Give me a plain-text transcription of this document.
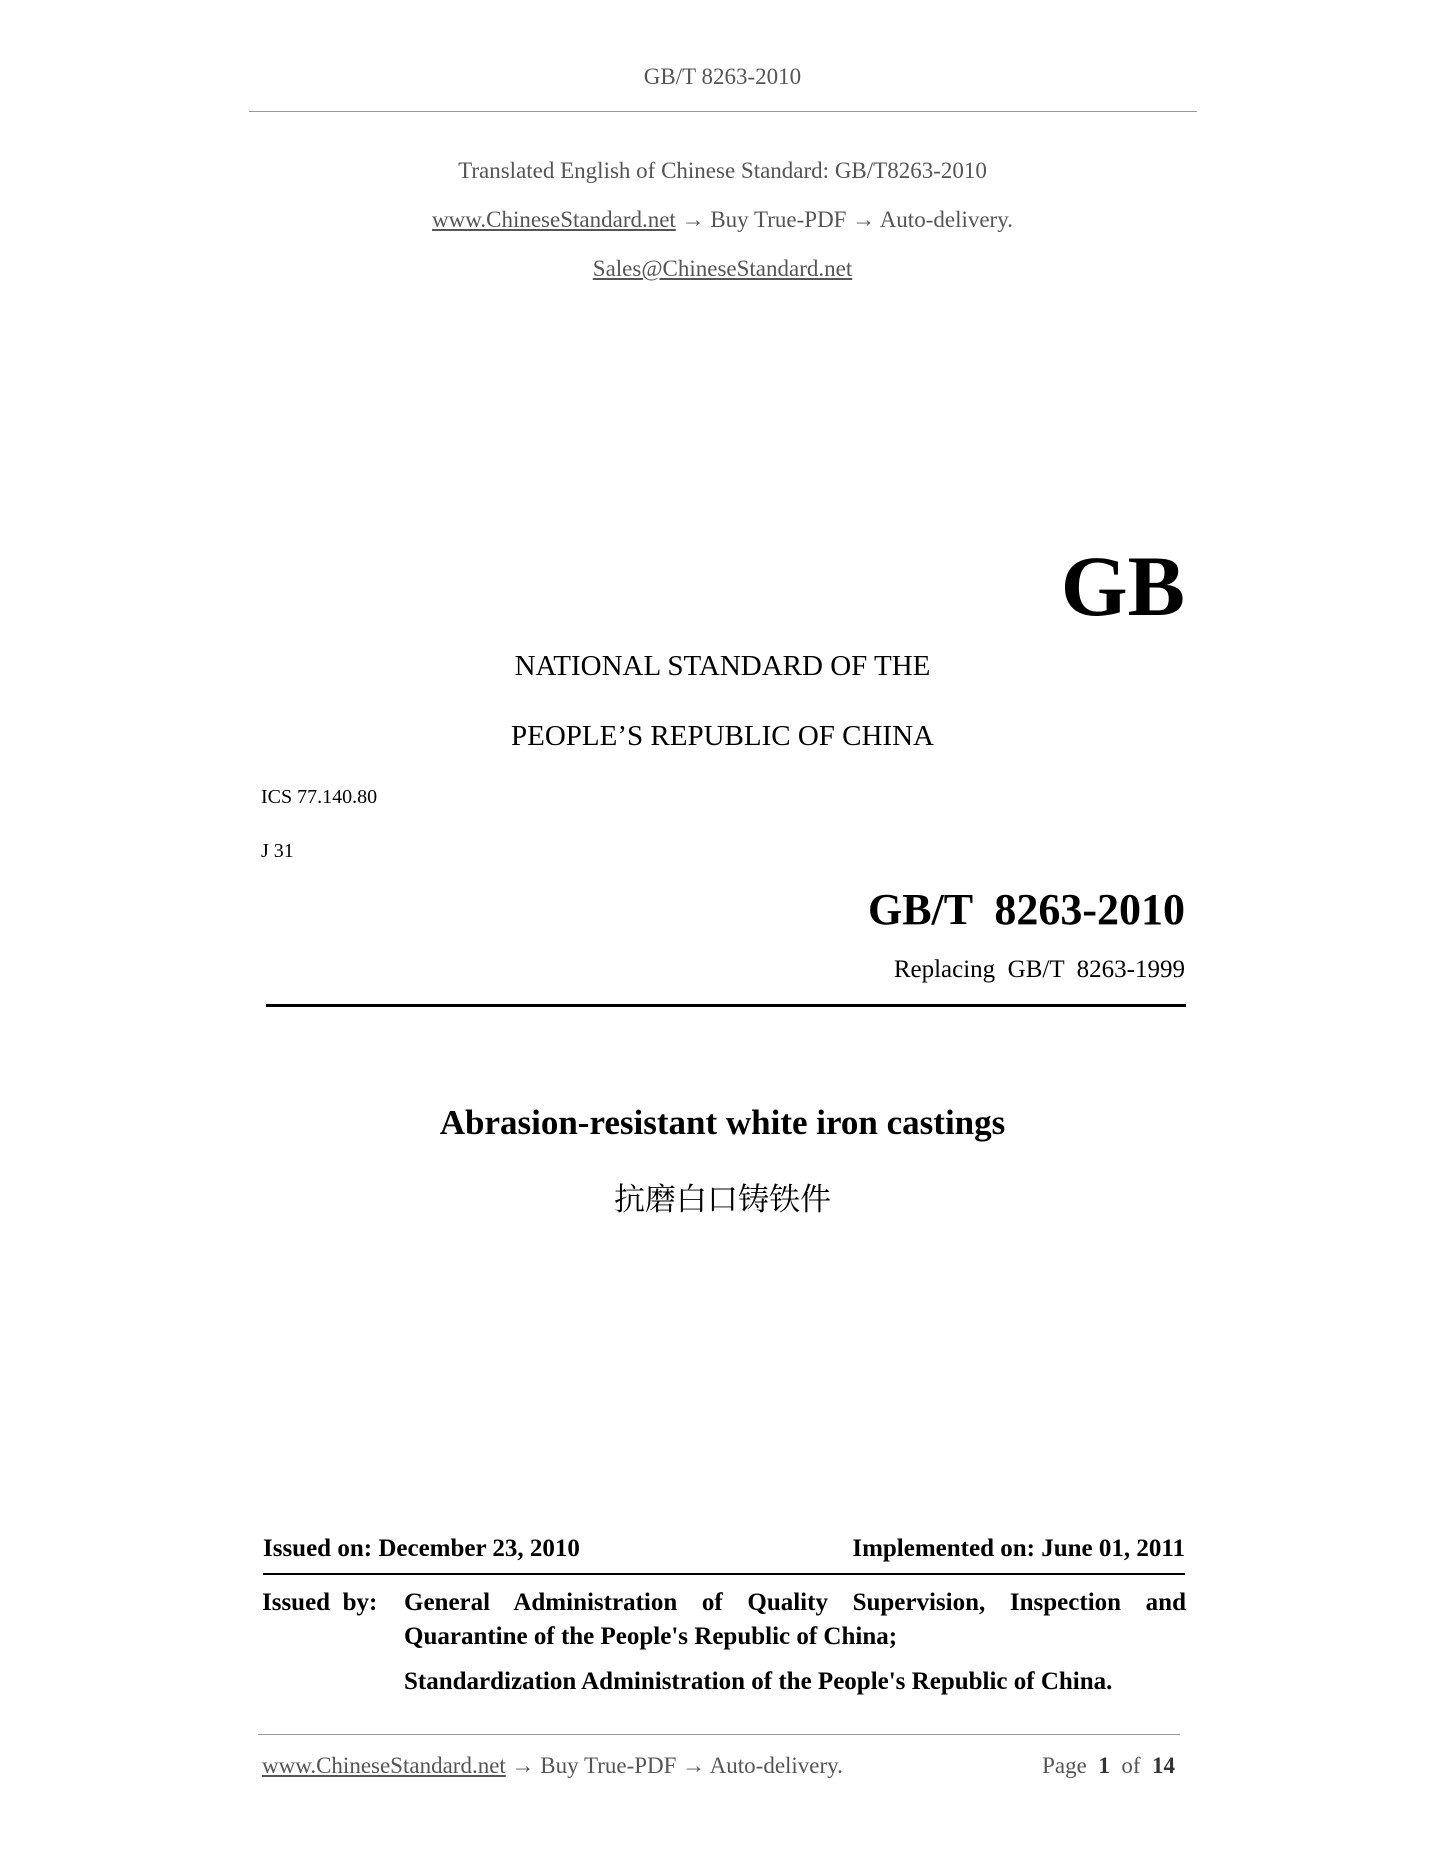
GB/T 8263-2010
Translated English of Chinese Standard: GB/T8263-2010
www.ChineseStandard.net → Buy True-PDF → Auto-delivery.
Sales@ChineseStandard.net
GB
NATIONAL STANDARD OF THE
PEOPLE’S REPUBLIC OF CHINA
ICS 77.140.80
J 31
GB/T  8263-2010
Replacing  GB/T  8263-1999
Abrasion-resistant white iron castings
抗磨白口铸铁件
Issued on: December 23, 2010	Implemented on: June 01, 2011
Issued  by: General Administration of Quality Supervision, Inspection and
Quarantine of the People's Republic of China;
Standardization Administration of the People's Republic of China.
www.ChineseStandard.net → Buy True-PDF → Auto-delivery.	Page 1 of 14
